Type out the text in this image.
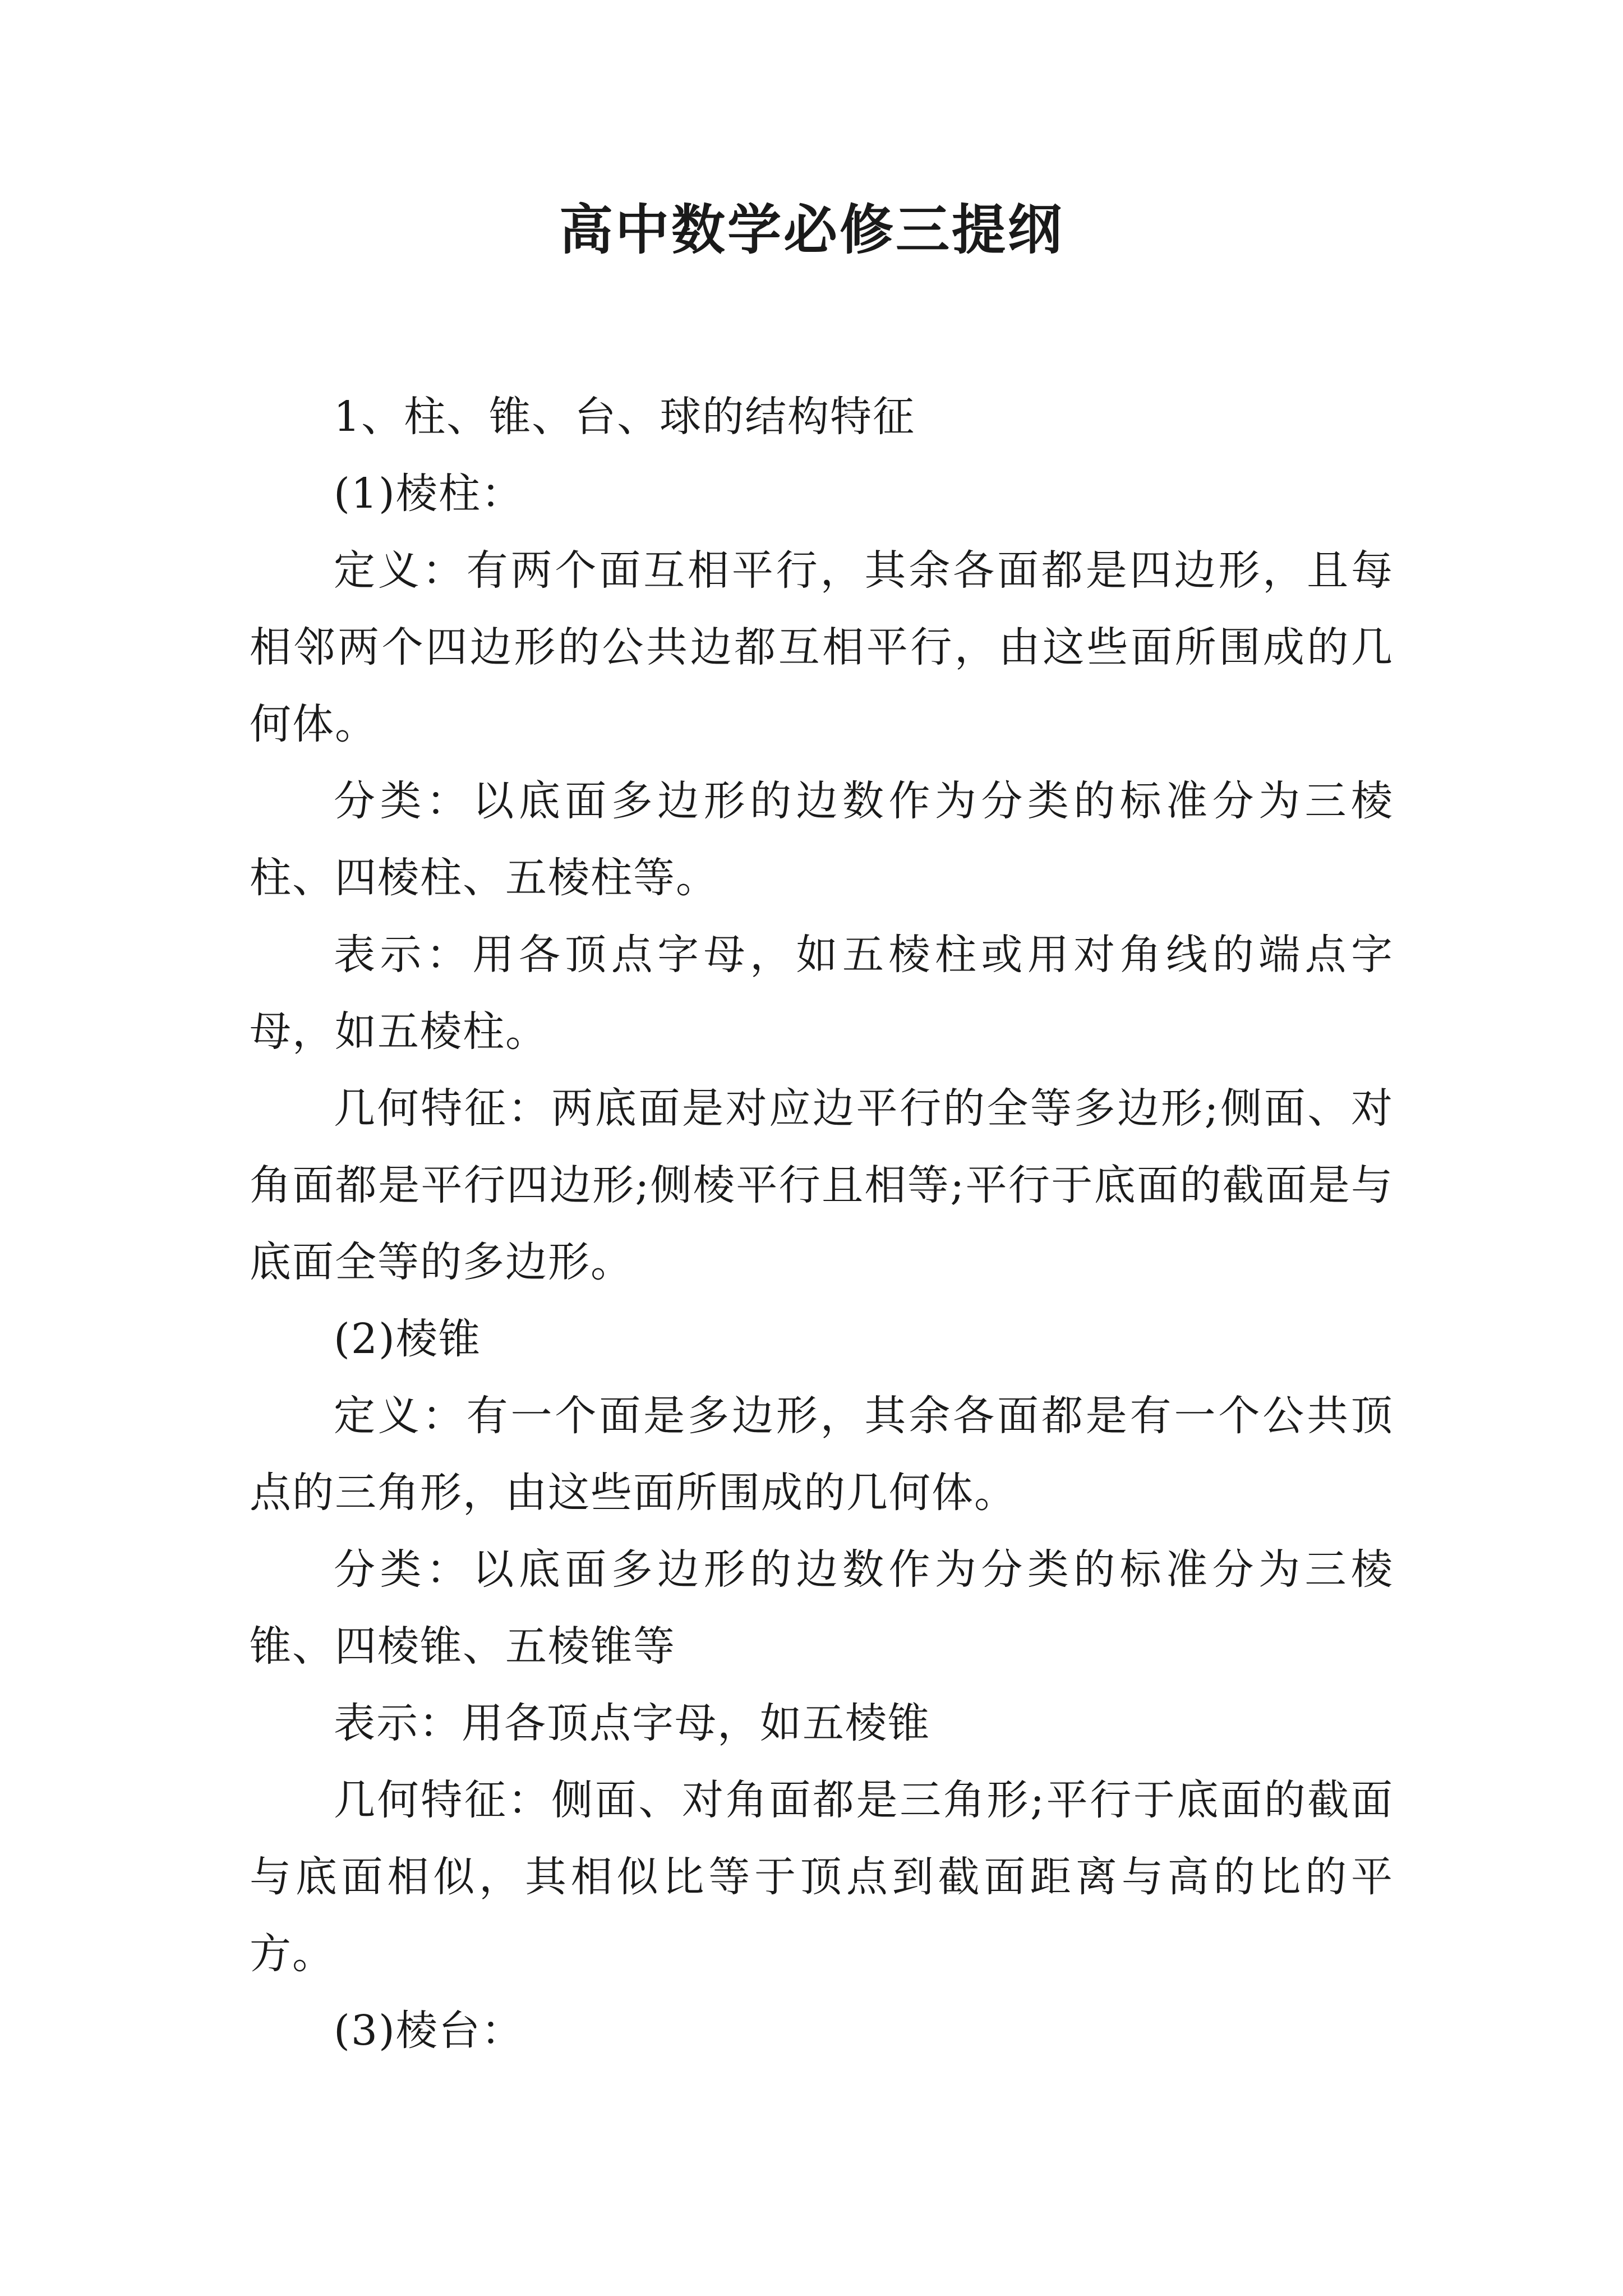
高中数学必修三提纲

1、柱、锥、台、球的结构特征

(1)棱柱：

定义：有两个面互相平行，其余各面都是四边形，且每相邻两个四边形的公共边都互相平行，由这些面所围成的几何体。

分类：以底面多边形的边数作为分类的标准分为三棱柱、四棱柱、五棱柱等。

表示：用各顶点字母，如五棱柱或用对角线的端点字母，如五棱柱。

几何特征：两底面是对应边平行的全等多边形;侧面、对角面都是平行四边形;侧棱平行且相等;平行于底面的截面是与底面全等的多边形。

(2)棱锥

定义：有一个面是多边形，其余各面都是有一个公共顶点的三角形，由这些面所围成的几何体。

分类：以底面多边形的边数作为分类的标准分为三棱锥、四棱锥、五棱锥等

表示：用各顶点字母，如五棱锥

几何特征：侧面、对角面都是三角形;平行于底面的截面与底面相似，其相似比等于顶点到截面距离与高的比的平方。

(3)棱台：
